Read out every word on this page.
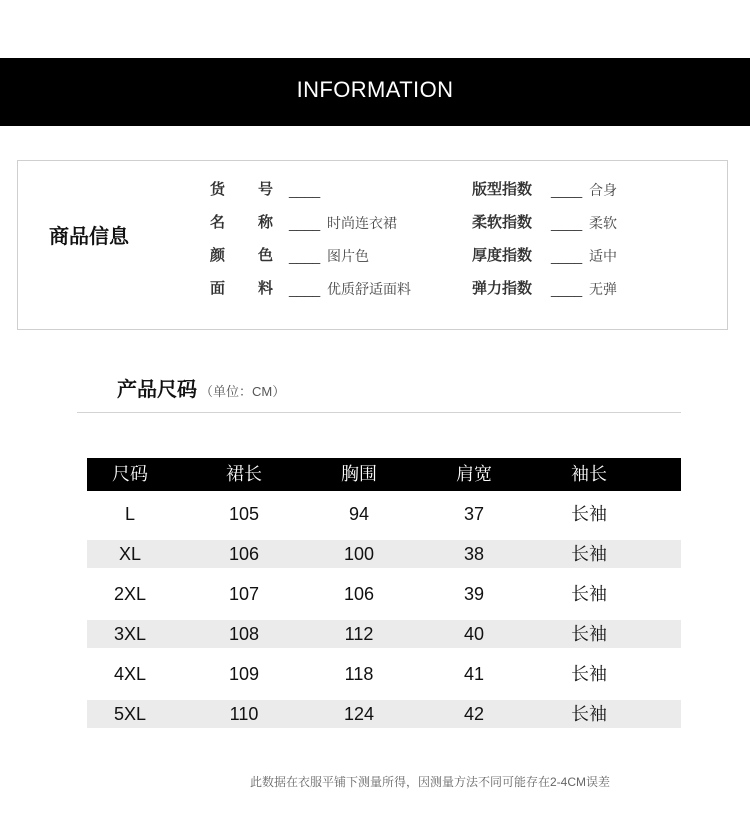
INFORMATION
商品信息
货号 ____	版型指数 ____ 合身
名称 ____ 时尚连衣裙	柔软指数 ____ 柔软
颜色 ____ 图片色	厚度指数 ____ 适中
面料 ____ 优质舒适面料	弹力指数 ____ 无弹
产品尺码 （单位：CM）
尺码	裙长	胸围	肩宽	袖长
L	105	94	37	长袖
XL	106	100	38	长袖
2XL	107	106	39	长袖
3XL	108	112	40	长袖
4XL	109	118	41	长袖
5XL	110	124	42	长袖
此数据在衣服平铺下测量所得，因测量方法不同可能存在2-4CM误差
